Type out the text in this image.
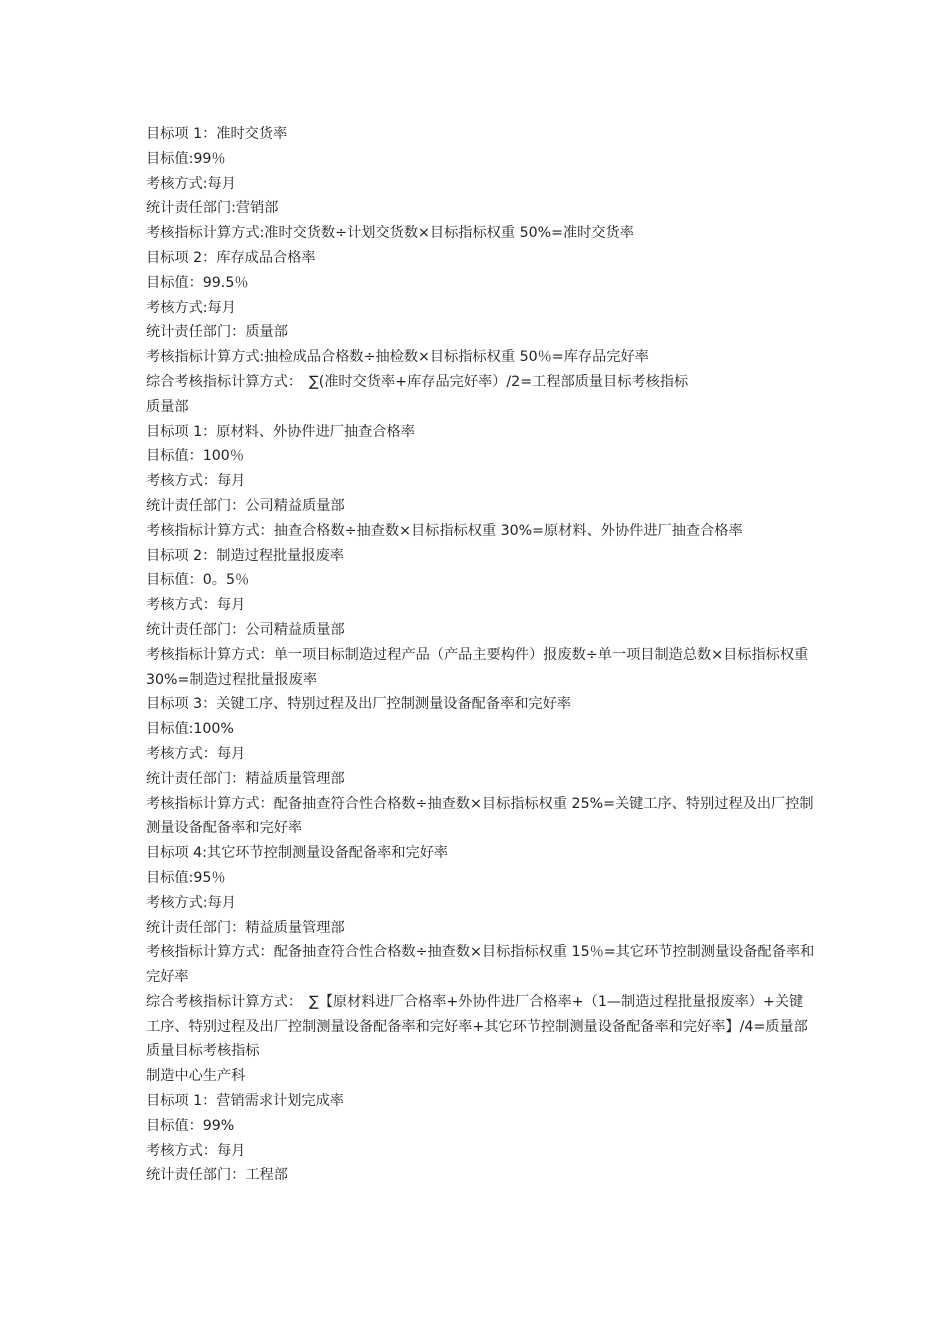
目标项 1：准时交货率

目标值:99％

考核方式:每月

统计责任部门:营销部

考核指标计算方式:准时交货数÷计划交货数×目标指标权重 50%=准时交货率

目标项 2：库存成品合格率

目标值：99.5％

考核方式:每月

统计责任部门：质量部

考核指标计算方式:抽检成品合格数÷抽检数×目标指标权重 50％=库存品完好率

综合考核指标计算方式：　∑(准时交货率+库存品完好率）/2=工程部质量目标考核指标

质量部

目标项 1：原材料、外协件进厂抽查合格率

目标值：100％

考核方式：每月

统计责任部门：公司精益质量部

考核指标计算方式：抽查合格数÷抽查数×目标指标权重 30%=原材料、外协件进厂抽查合格率

目标项 2：制造过程批量报废率

目标值：0。5％

考核方式：每月

统计责任部门：公司精益质量部

考核指标计算方式：单一项目标制造过程产品（产品主要构件）报废数÷单一项目制造总数×目标指标权重 30%=制造过程批量报废率

目标项 3：关键工序、特别过程及出厂控制测量设备配备率和完好率

目标值:100%

考核方式：每月

统计责任部门：精益质量管理部

考核指标计算方式：配备抽查符合性合格数÷抽查数×目标指标权重 25%=关键工序、特别过程及出厂控制测量设备配备率和完好率

目标项 4:其它环节控制测量设备配备率和完好率

目标值:95％

考核方式:每月

统计责任部门：精益质量管理部

考核指标计算方式：配备抽查符合性合格数÷抽查数×目标指标权重 15％=其它环节控制测量设备配备率和完好率

综合考核指标计算方式：　∑【原材料进厂合格率+外协件进厂合格率+（1—制造过程批量报废率）+关键工序、特别过程及出厂控制测量设备配备率和完好率+其它环节控制测量设备配备率和完好率】/4=质量部质量目标考核指标

制造中心生产科

目标项 1：营销需求计划完成率

目标值：99%

考核方式：每月

统计责任部门：工程部
